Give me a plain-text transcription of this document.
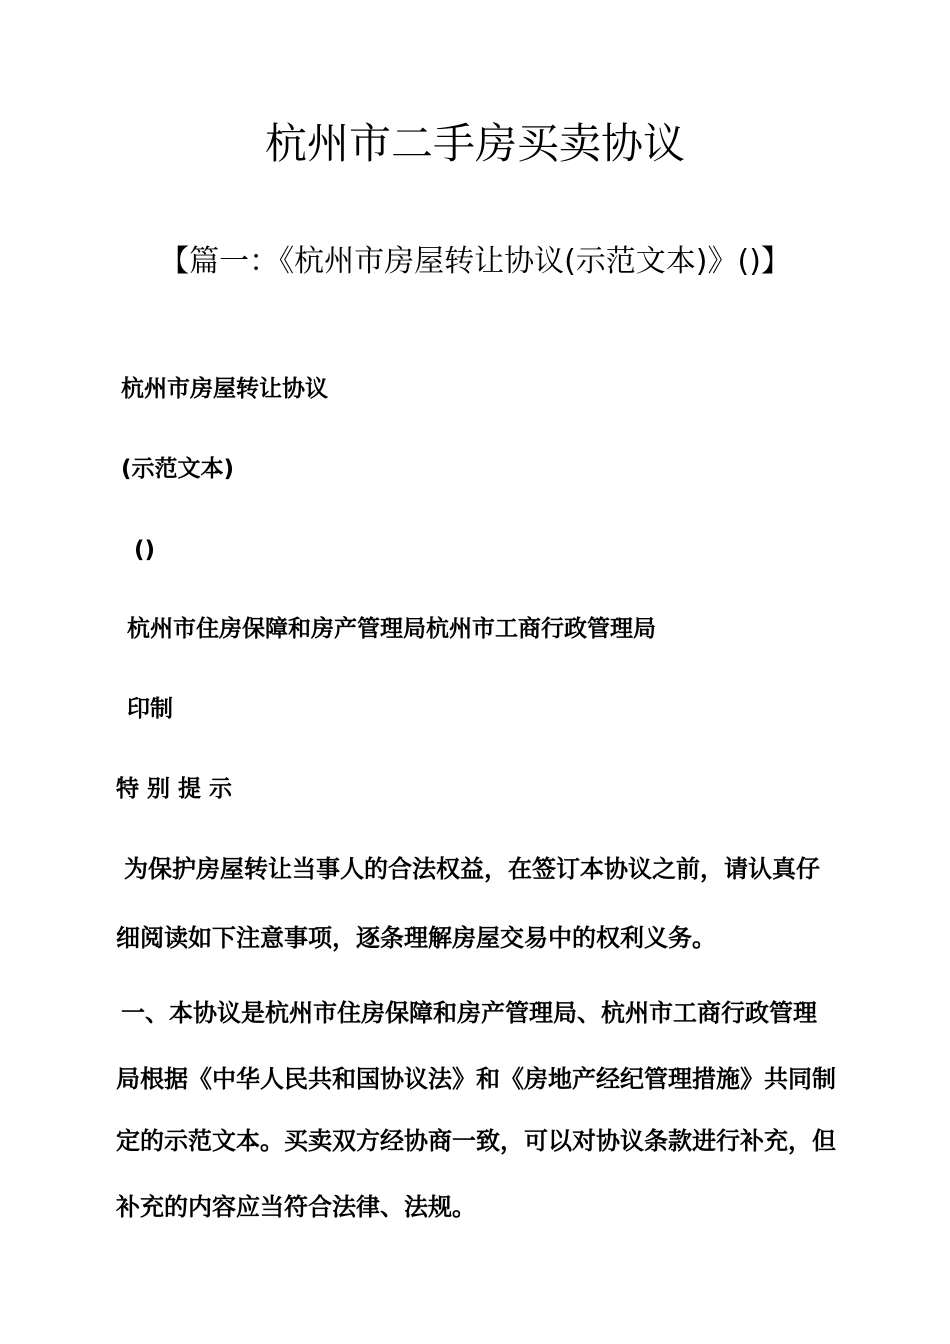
杭州市二手房买卖协议
【篇一：《杭州市房屋转让协议(示范文本)》()】
杭州市房屋转让协议
(示范文本)
()
杭州市住房保障和房产管理局杭州市工商行政管理局
印制
特 别 提 示
为保护房屋转让当事人的合法权益，在签订本协议之前，请认真仔
细阅读如下注意事项，逐条理解房屋交易中的权利义务。
一、本协议是杭州市住房保障和房产管理局、杭州市工商行政管理
局根据《中华人民共和国协议法》和《房地产经纪管理措施》共同制
定的示范文本。买卖双方经协商一致，可以对协议条款进行补充，但
补充的内容应当符合法律、法规。
